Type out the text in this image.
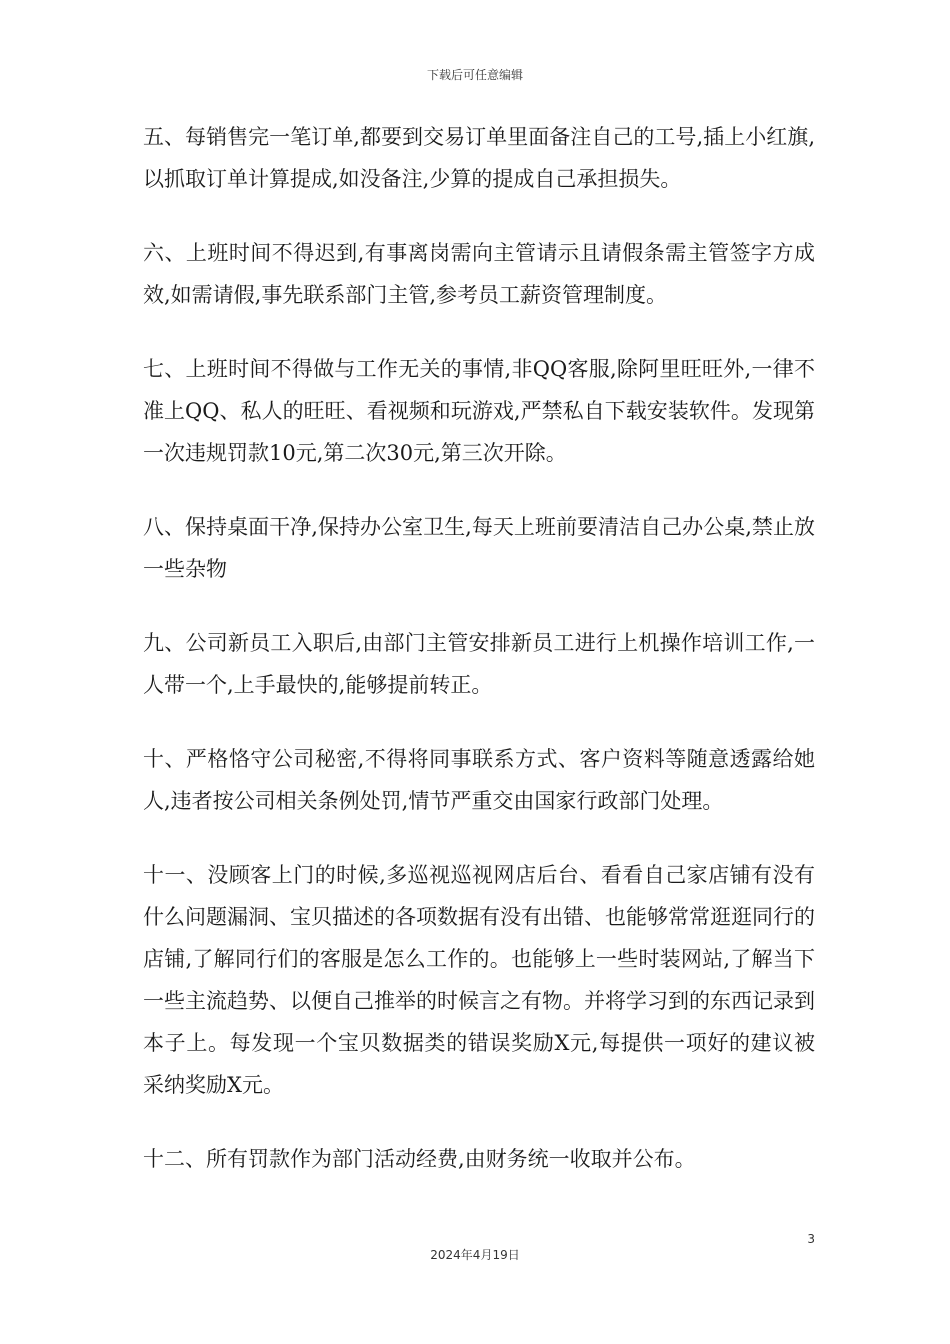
下载后可任意编辑

五、每销售完一笔订单,都要到交易订单里面备注自己的工号,插上小红旗,以抓取订单计算提成,如没备注,少算的提成自己承担损失。

六、上班时间不得迟到,有事离岗需向主管请示且请假条需主管签字方成效,如需请假,事先联系部门主管,参考员工薪资管理制度。

七、上班时间不得做与工作无关的事情,非QQ客服,除阿里旺旺外,一律不准上QQ、私人的旺旺、看视频和玩游戏,严禁私自下载安装软件。发现第一次违规罚款10元,第二次30元,第三次开除。

八、保持桌面干净,保持办公室卫生,每天上班前要清洁自己办公桌,禁止放一些杂物

九、公司新员工入职后,由部门主管安排新员工进行上机操作培训工作,一人带一个,上手最快的,能够提前转正。

十、严格恪守公司秘密,不得将同事联系方式、客户资料等随意透露给她人,违者按公司相关条例处罚,情节严重交由国家行政部门处理。

十一、没顾客上门的时候,多巡视巡视网店后台、看看自己家店铺有没有什么问题漏洞、宝贝描述的各项数据有没有出错、也能够常常逛逛同行的店铺,了解同行们的客服是怎么工作的。也能够上一些时装网站,了解当下一些主流趋势、以便自己推举的时候言之有物。并将学习到的东西记录到本子上。每发现一个宝贝数据类的错误奖励X元,每提供一项好的建议被采纳奖励X元。

十二、所有罚款作为部门活动经费,由财务统一收取并公布。

3
2024年4月19日
